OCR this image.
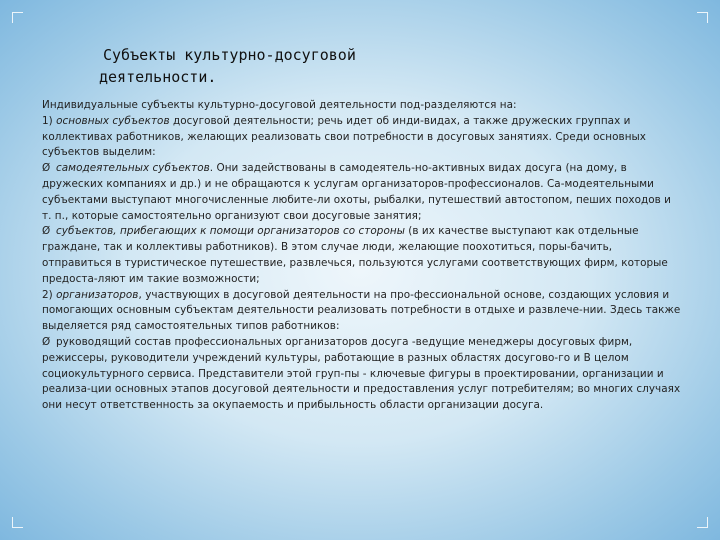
Субъекты культурно-досуговой
деятельности.

Индивидуальные субъекты культурно-досуговой деятельности под-разделяются на:

1) основных субъектов досуговой деятельности; речь идет об инди-видах, а также дружеских группах и коллективах работников, желающих реализовать свои потребности в досуговых занятиях. Среди основных субъектов выделим:

Ø самодеятельных субъектов. Они задействованы в самодеятель-но-активных видах досуга (на дому, в дружеских компаниях и др.) и не обращаются к услугам организаторов-профессионалов. Са-модеятельными субъектами выступают многочисленные любите-ли охоты, рыбалки, путешествий автостопом, пеших походов и т. п., которые самостоятельно организуют свои досуговые занятия;

Ø субъектов, прибегающих к помощи организаторов со стороны (в их качестве выступают как отдельные граждане, так и коллективы работников). В этом случае люди, желающие поохотиться, поры-бачить, отправиться в туристическое путешествие, развлечься, пользуются услугами соответствующих фирм, которые предоста-ляют им такие возможности;

2) организаторов, участвующих в досуговой деятельности на про-фессиональной основе, создающих условия и помогающих основным субъектам деятельности реализовать потребности в отдыхе и развлече-нии. Здесь также выделяется ряд самостоятельных типов работников:

Ø руководящий состав профессиональных организаторов досуга -ведущие менеджеры досуговых фирм, режиссеры, руководители учреждений культуры, работающие в разных областях досугово-го и В целом социокультурного сервиса. Представители этой груп-пы - ключевые фигуры в проектировании, организации и реализа-ции основных этапов досуговой деятельности и предоставления услуг потребителям; во многих случаях они несут ответственность за окупаемость и прибыльность области организации досуга.
